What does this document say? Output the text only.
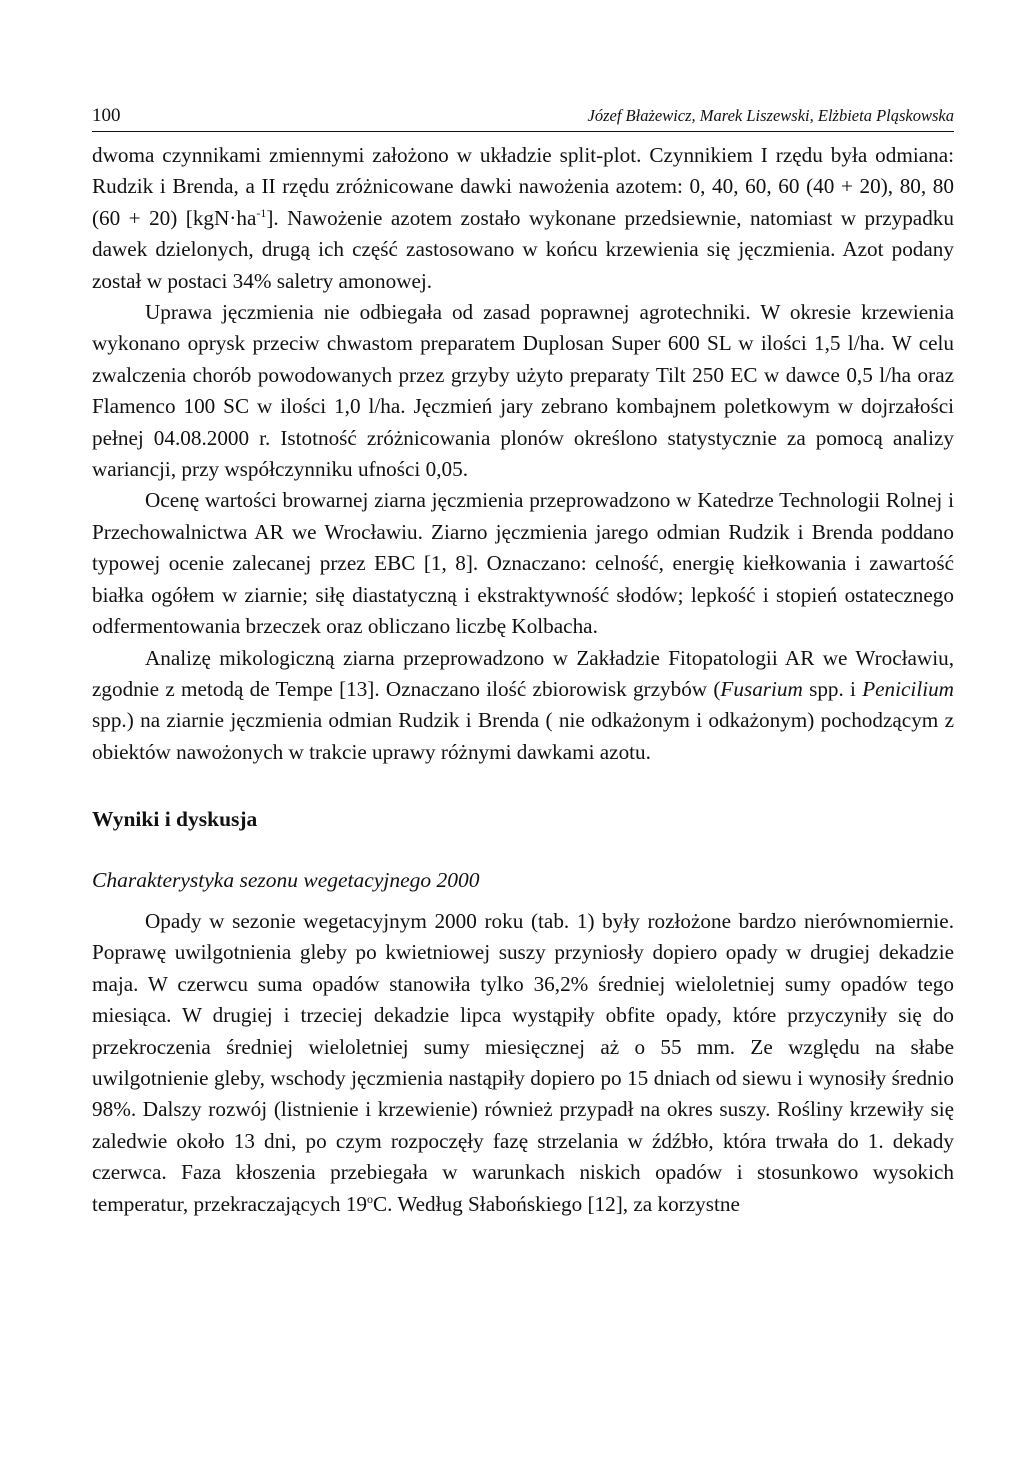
100	Józef Błażewicz, Marek Liszewski, Elżbieta Pląskowska

dwoma czynnikami zmiennymi założono w układzie split-plot. Czynnikiem I rzędu była odmiana: Rudzik i Brenda, a II rzędu zróżnicowane dawki nawożenia azotem: 0, 40, 60, 60 (40 + 20), 80, 80 (60 + 20) $[kgN\cdot ha^{-1}]$. Nawożenie azotem zostało wykonane przedsiewnie, natomiast w przypadku dawek dzielonych, drugą ich część zastosowano w końcu krzewienia się jęczmienia. Azot podany został w postaci 34% saletry amonowej.

Uprawa jęczmienia nie odbiegała od zasad poprawnej agrotechniki. W okresie krzewienia wykonano oprysk przeciw chwastom preparatem Duplosan Super 600 SL w ilości 1,5 l/ha. W celu zwalczenia chorób powodowanych przez grzyby użyto preparaty Tilt 250 EC w dawce 0,5 l/ha oraz Flamenco 100 SC w ilości 1,0 l/ha. Jęczmień jary zebrano kombajnem poletkowym w dojrzałości pełnej 04.08.2000 r. Istotność zróżnicowania plonów określono statystycznie za pomocą analizy wariancji, przy współczynniku ufności 0,05.

Ocenę wartości browarnej ziarna jęczmienia przeprowadzono w Katedrze Technologii Rolnej i Przechowalnictwa AR we Wrocławiu. Ziarno jęczmienia jarego odmian Rudzik i Brenda poddano typowej ocenie zalecanej przez EBC [1, 8]. Oznaczano: celność, energię kiełkowania i zawartość białka ogółem w ziarnie; siłę diastatyczną i ekstraktywność słodów; lepkość i stopień ostatecznego odfermentowania brzeczek oraz obliczano liczbę Kolbacha.

Analizę mikologiczną ziarna przeprowadzono w Zakładzie Fitopatologii AR we Wrocławiu, zgodnie z metodą de Tempe [13]. Oznaczano ilość zbiorowisk grzybów (Fusarium spp. i Penicilium spp.) na ziarnie jęczmienia odmian Rudzik i Brenda ( nie odkażonym i odkażonym) pochodzącym z obiektów nawożonych w trakcie uprawy różnymi dawkami azotu.

Wyniki i dyskusja
Charakterystyka sezonu wegetacyjnego 2000

Opady w sezonie wegetacyjnym 2000 roku (tab. 1) były rozłożone bardzo nierównomiernie. Poprawę uwilgotnienia gleby po kwietniowej suszy przyniosły dopiero opady w drugiej dekadzie maja. W czerwcu suma opadów stanowiła tylko 36,2% średniej wieloletniej sumy opadów tego miesiąca. W drugiej i trzeciej dekadzie lipca wystąpiły obfite opady, które przyczyniły się do przekroczenia średniej wieloletniej sumy miesięcznej aż o 55 mm. Ze względu na słabe uwilgotnienie gleby, wschody jęczmienia nastąpiły dopiero po 15 dniach od siewu i wynosiły średnio 98%. Dalszy rozwój (listnienie i krzewienie) również przypadł na okres suszy. Rośliny krzewiły się zaledwie około 13 dni, po czym rozpoczęły fazę strzelania w źdźbło, która trwała do 1. dekady czerwca. Faza kłoszenia przebiegała w warunkach niskich opadów i stosunkowo wysokich temperatur, przekraczających 19$^o$C. Według Słabońskiego [12], za korzystne
